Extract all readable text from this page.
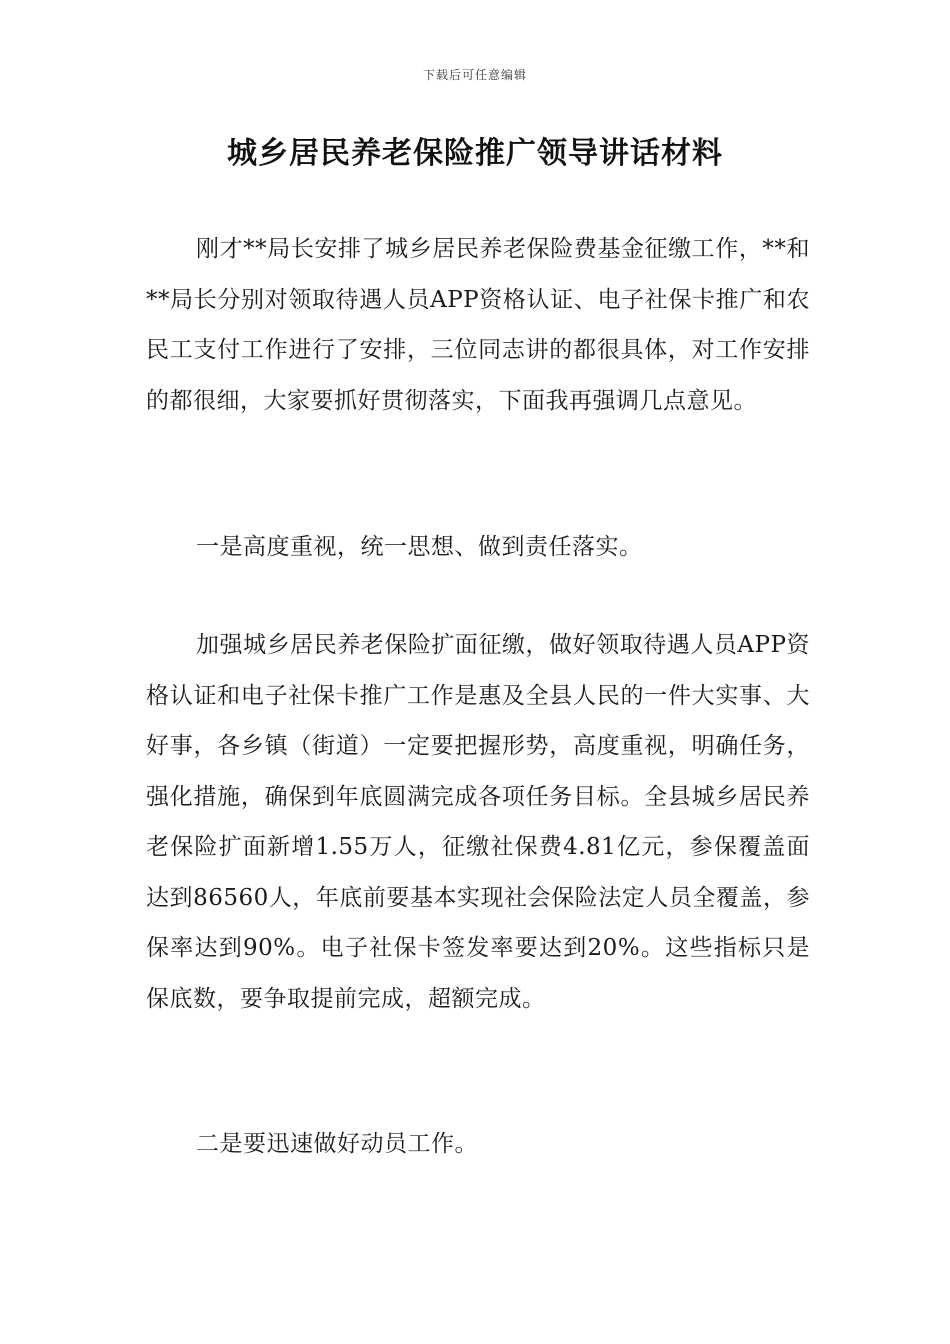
下载后可任意编辑
城乡居民养老保险推广领导讲话材料

刚才**局长安排了城乡居民养老保险费基金征缴工作，**和**局长分别对领取待遇人员APP资格认证、电子社保卡推广和农民工支付工作进行了安排，三位同志讲的都很具体，对工作安排的都很细，大家要抓好贯彻落实，下面我再强调几点意见。

一是高度重视，统一思想、做到责任落实。

加强城乡居民养老保险扩面征缴，做好领取待遇人员APP资格认证和电子社保卡推广工作是惠及全县人民的一件大实事、大好事，各乡镇（街道）一定要把握形势，高度重视，明确任务，强化措施，确保到年底圆满完成各项任务目标。全县城乡居民养老保险扩面新增1.55万人，征缴社保费4.81亿元，参保覆盖面达到86560人，年底前要基本实现社会保险法定人员全覆盖，参保率达到90%。电子社保卡签发率要达到20%。这些指标只是保底数，要争取提前完成，超额完成。

二是要迅速做好动员工作。
